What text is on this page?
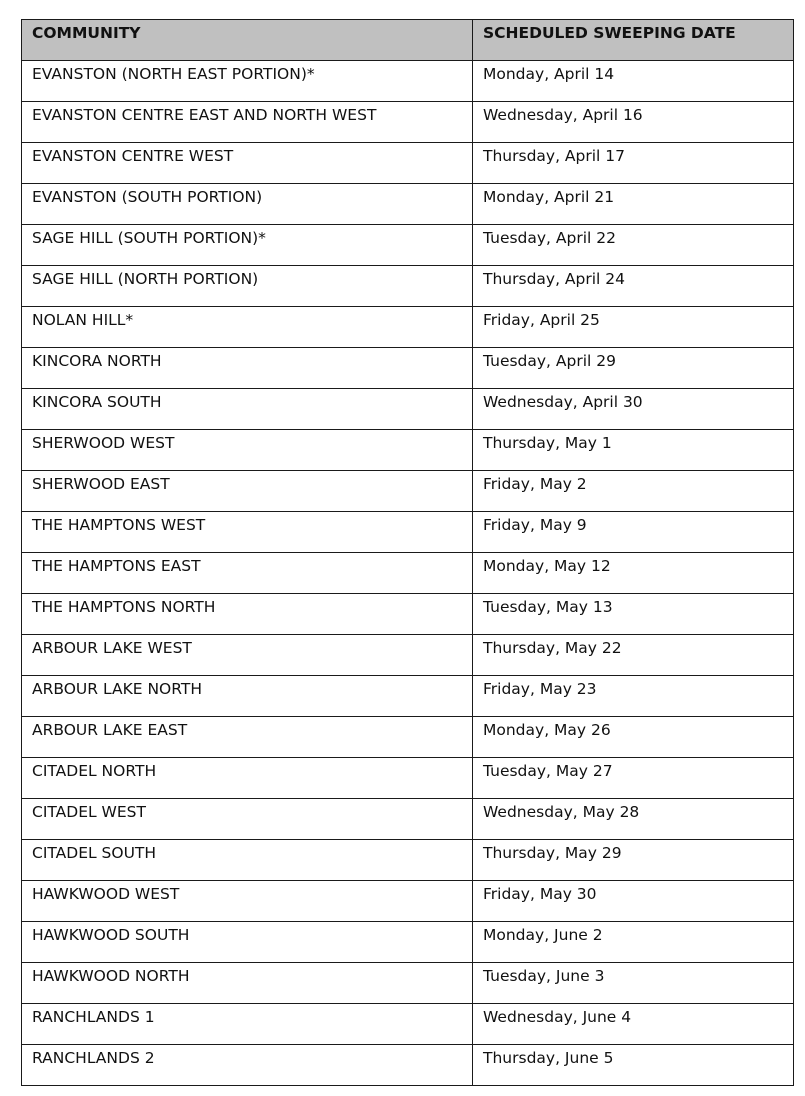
COMMUNITY	SCHEDULED SWEEPING DATE
EVANSTON (NORTH EAST PORTION)*	Monday, April 14
EVANSTON CENTRE EAST AND NORTH WEST	Wednesday, April 16
EVANSTON CENTRE WEST	Thursday, April 17
EVANSTON (SOUTH PORTION)	Monday, April 21
SAGE HILL (SOUTH PORTION)*	Tuesday, April 22
SAGE HILL (NORTH PORTION)	Thursday, April 24
NOLAN HILL*	Friday, April 25
KINCORA NORTH	Tuesday, April 29
KINCORA SOUTH	Wednesday, April 30
SHERWOOD WEST	Thursday, May 1
SHERWOOD EAST	Friday, May 2
THE HAMPTONS WEST	Friday, May 9
THE HAMPTONS EAST	Monday, May 12
THE HAMPTONS NORTH	Tuesday, May 13
ARBOUR LAKE WEST	Thursday, May 22
ARBOUR LAKE NORTH	Friday, May 23
ARBOUR LAKE EAST	Monday, May 26
CITADEL NORTH	Tuesday, May 27
CITADEL WEST	Wednesday, May 28
CITADEL SOUTH	Thursday, May 29
HAWKWOOD WEST	Friday, May 30
HAWKWOOD SOUTH	Monday, June 2
HAWKWOOD NORTH	Tuesday, June 3
RANCHLANDS 1	Wednesday, June 4
RANCHLANDS 2	Thursday, June 5
